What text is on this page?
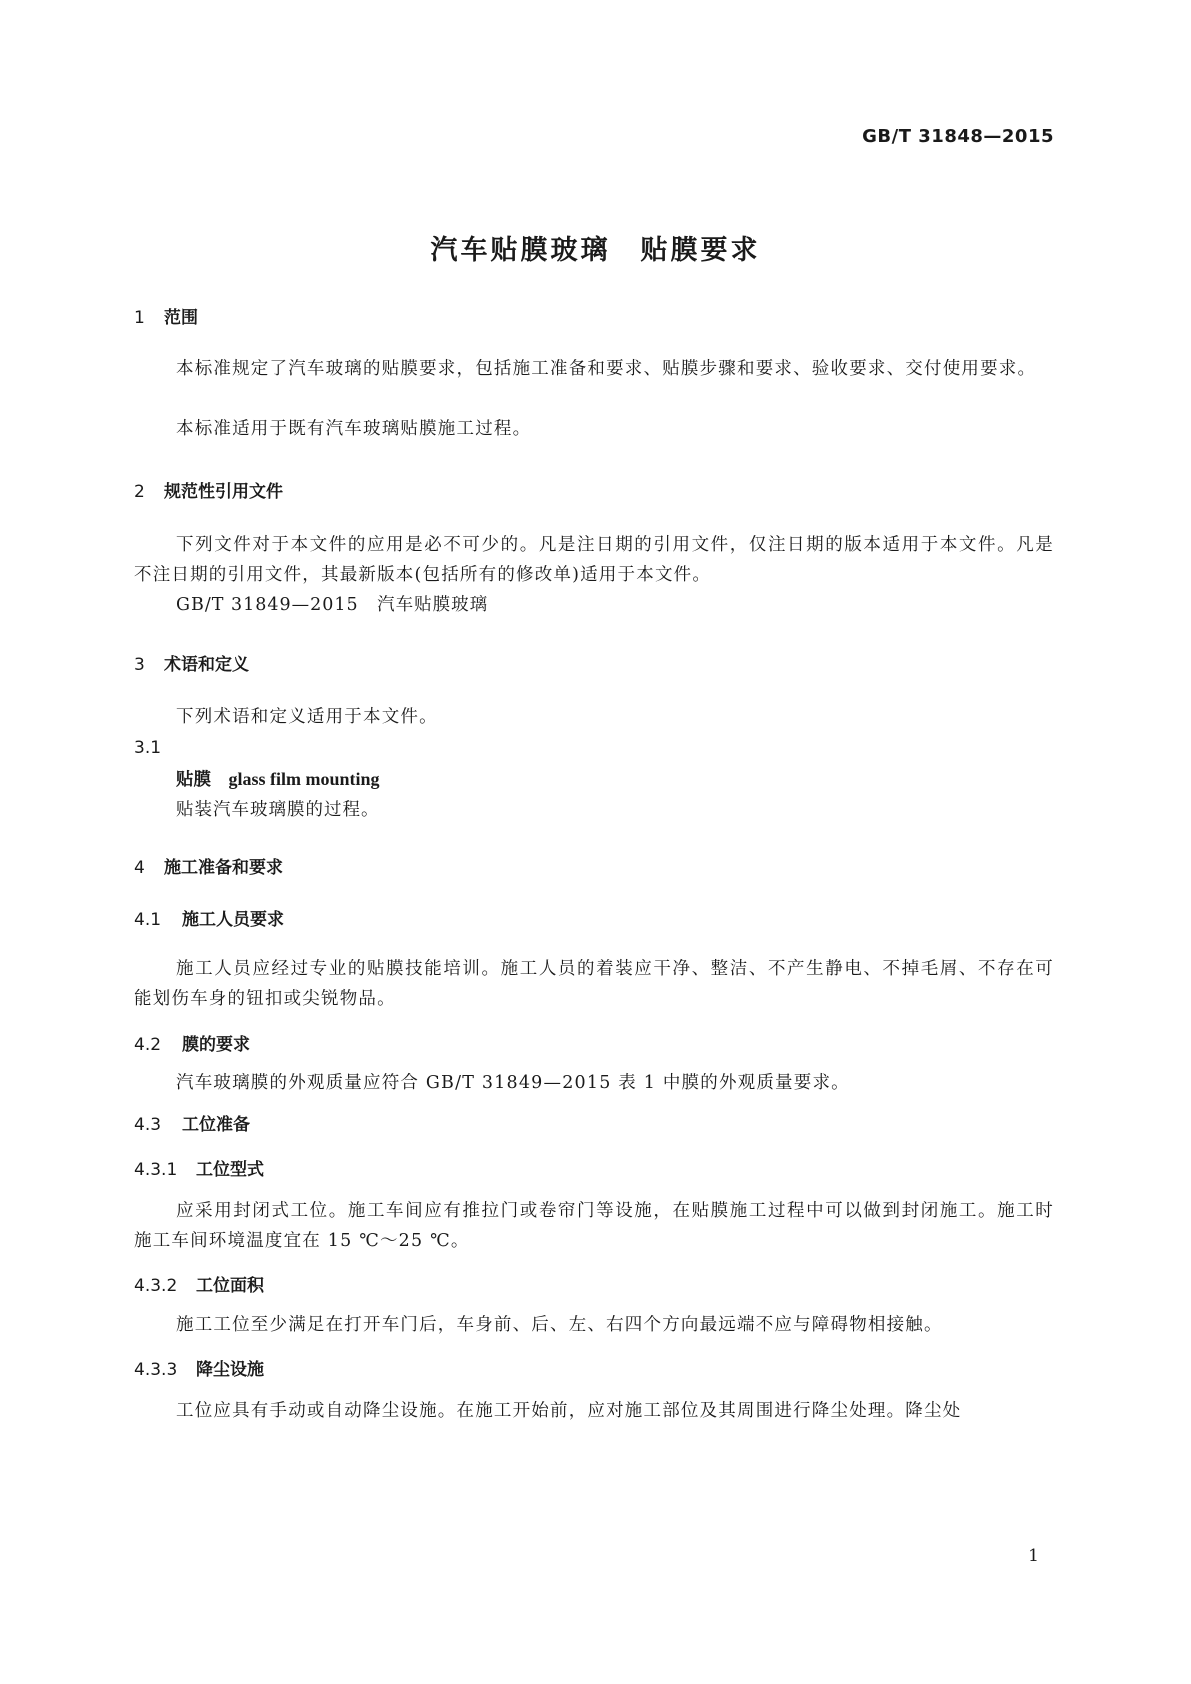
GB/T 31848—2015
汽车贴膜玻璃　贴膜要求
1 范围
本标准规定了汽车玻璃的贴膜要求，包括施工准备和要求、贴膜步骤和要求、验收要求、交付使用要求。
本标准适用于既有汽车玻璃贴膜施工过程。
2 规范性引用文件
下列文件对于本文件的应用是必不可少的。凡是注日期的引用文件，仅注日期的版本适用于本文件。凡是不注日期的引用文件，其最新版本(包括所有的修改单)适用于本文件。
GB/T 31849—2015　汽车贴膜玻璃
3 术语和定义
下列术语和定义适用于本文件。
3.1
贴膜　 glass film mounting
贴装汽车玻璃膜的过程。
4 施工准备和要求
4.1 施工人员要求
施工人员应经过专业的贴膜技能培训。施工人员的着装应干净、整洁、不产生静电、不掉毛屑、不存在可能划伤车身的钮扣或尖锐物品。
4.2 膜的要求
汽车玻璃膜的外观质量应符合 GB/T 31849—2015 表 1 中膜的外观质量要求。
4.3 工位准备
4.3.1 工位型式
应采用封闭式工位。施工车间应有推拉门或卷帘门等设施，在贴膜施工过程中可以做到封闭施工。施工时施工车间环境温度宜在 15 ℃～25 ℃。
4.3.2 工位面积
施工工位至少满足在打开车门后，车身前、后、左、右四个方向最远端不应与障碍物相接触。
4.3.3 降尘设施
工位应具有手动或自动降尘设施。在施工开始前，应对施工部位及其周围进行降尘处理。降尘处
1
